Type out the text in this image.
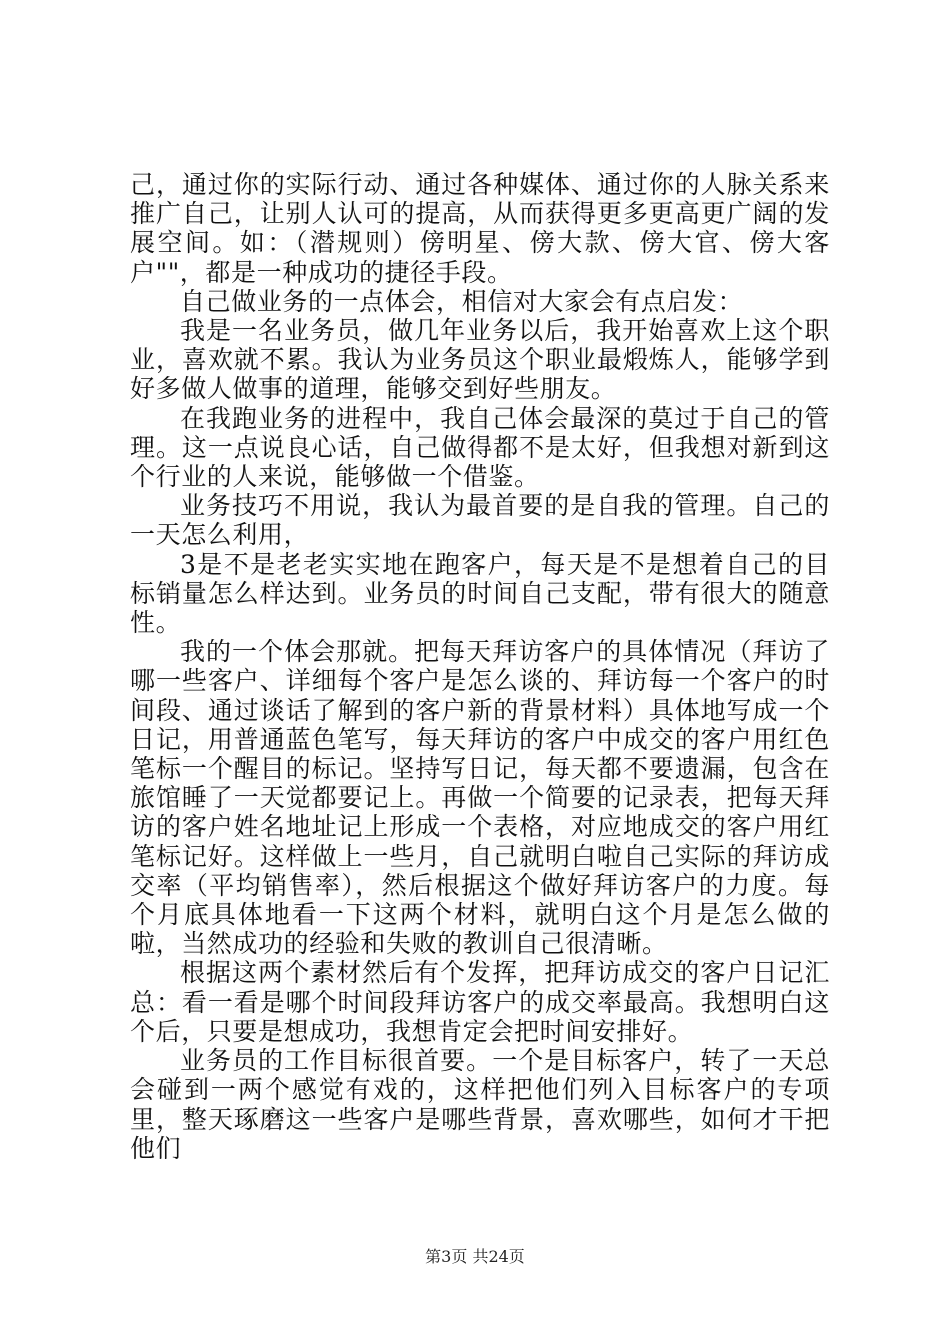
己，通过你的实际行动、通过各种媒体、通过你的人脉关系来推广自己，让别人认可的提高，从而获得更多更高更广阔的发展空间。如：（潜规则）傍明星、傍大款、傍大官、傍大客户""，都是一种成功的捷径手段。

自己做业务的一点体会，相信对大家会有点启发：

我是一名业务员，做几年业务以后，我开始喜欢上这个职业，喜欢就不累。我认为业务员这个职业最煅炼人，能够学到好多做人做事的道理，能够交到好些朋友。

在我跑业务的进程中，我自己体会最深的莫过于自己的管理。这一点说良心话，自己做得都不是太好，但我想对新到这个行业的人来说，能够做一个借鉴。

业务技巧不用说，我认为最首要的是自我的管理。自己的一天怎么利用，

3是不是老老实实地在跑客户，每天是不是想着自己的目标销量怎么样达到。业务员的时间自己支配，带有很大的随意性。

我的一个体会那就。把每天拜访客户的具体情况（拜访了哪一些客户、详细每个客户是怎么谈的、拜访每一个客户的时间段、通过谈话了解到的客户新的背景材料）具体地写成一个日记，用普通蓝色笔写，每天拜访的客户中成交的客户用红色笔标一个醒目的标记。坚持写日记，每天都不要遗漏，包含在旅馆睡了一天觉都要记上。再做一个简要的记录表，把每天拜访的客户姓名地址记上形成一个表格，对应地成交的客户用红笔标记好。这样做上一些月，自己就明白啦自己实际的拜访成交率（平均销售率），然后根据这个做好拜访客户的力度。每个月底具体地看一下这两个材料，就明白这个月是怎么做的啦，当然成功的经验和失败的教训自己很清晰。

根据这两个素材然后有个发挥，把拜访成交的客户日记汇总：看一看是哪个时间段拜访客户的成交率最高。我想明白这个后，只要是想成功，我想肯定会把时间安排好。

业务员的工作目标很首要。一个是目标客户，转了一天总会碰到一两个感觉有戏的，这样把他们列入目标客户的专项里，整天琢磨这一些客户是哪些背景，喜欢哪些，如何才干把他们

第3页 共24页
